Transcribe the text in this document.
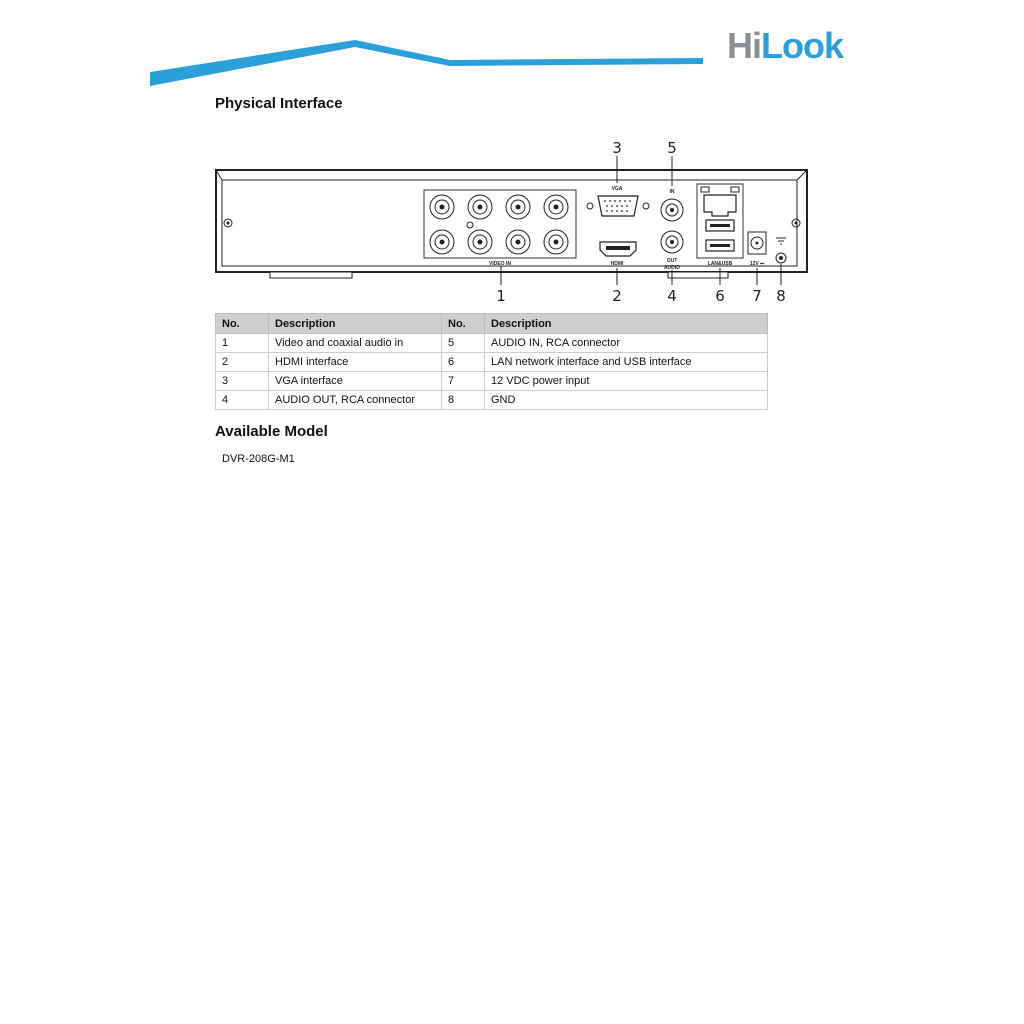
HiLook
Physical Interface
VIDEO IN
VGA
HDMI
IN
OUT
AUDIO
LAN&USB	12V ⎓
3	5
1	2	4	6 7 8
No.	Description	No.	Description
1	Video and coaxial audio in	5	AUDIO IN, RCA connector
2	HDMI interface	6	LAN network interface and USB interface
3	VGA interface	7	12 VDC power input
4	AUDIO OUT, RCA connector	8	GND
Available Model
DVR-208G-M1
